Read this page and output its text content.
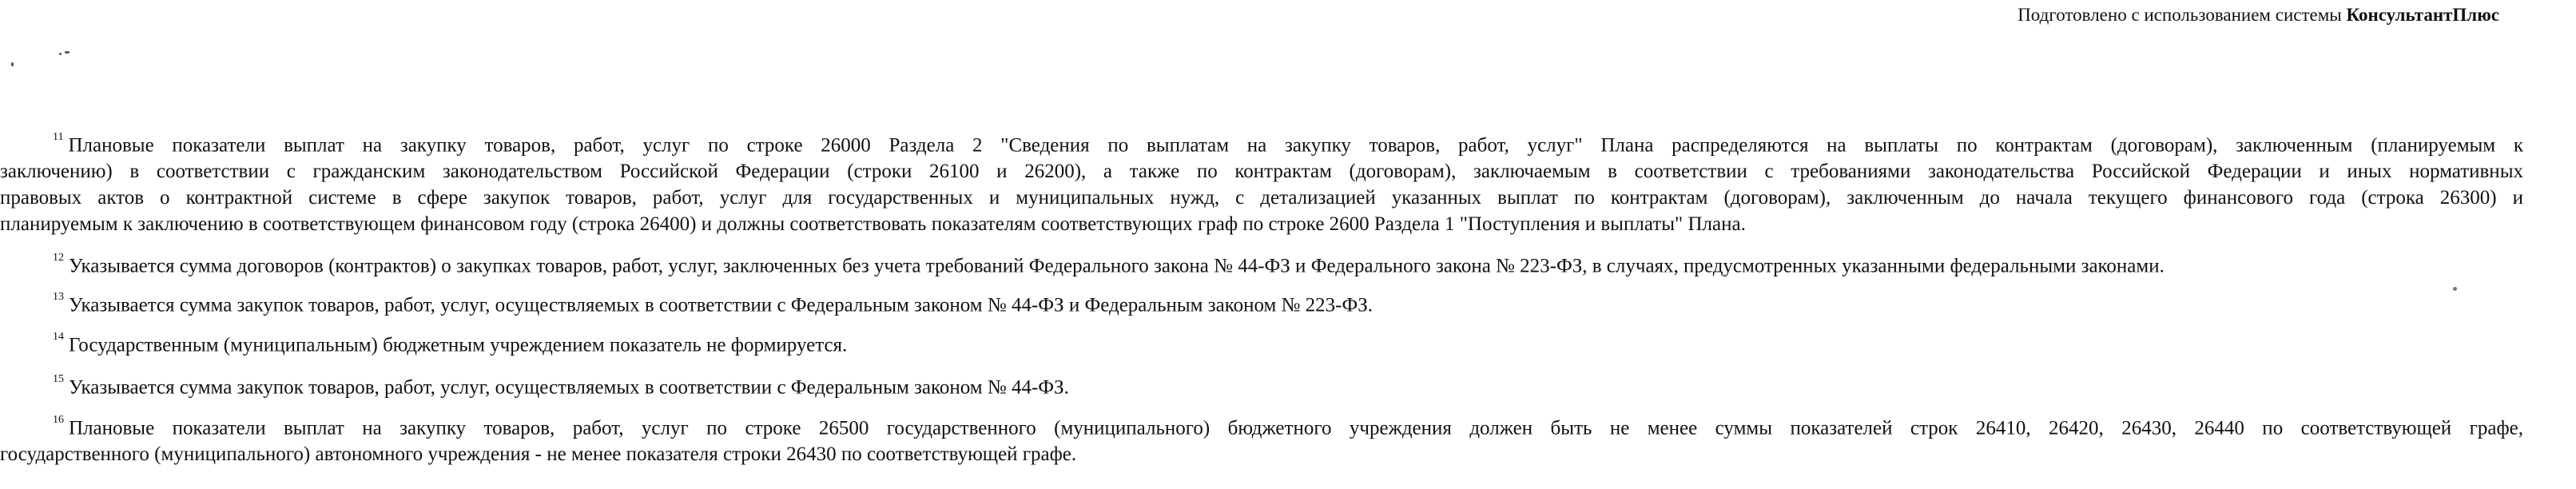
Подготовлено с использованием системы КонсультантПлюс
$^{11}$ Плановые показатели выплат на закупку товаров, работ, услуг по строке 26000 Раздела 2 "Сведения по выплатам на закупку товаров, работ, услуг" Плана распределяются на выплаты по контрактам (договорам), заключенным (планируемым к
заключению) в соответствии с гражданским законодательством Российской Федерации (строки 26100 и 26200), а также по контрактам (договорам), заключаемым в соответствии с требованиями законодательства Российской Федерации и иных нормативных
правовых актов о контрактной системе в сфере закупок товаров, работ, услуг для государственных и муниципальных нужд, с детализацией указанных выплат по контрактам (договорам), заключенным до начала текущего финансового года (строка 26300) и
планируемым к заключению в соответствующем финансовом году (строка 26400) и должны соответствовать показателям соответствующих граф по строке 2600 Раздела 1 "Поступления и выплаты" Плана.
$^{12}$ Указывается сумма договоров (контрактов) о закупках товаров, работ, услуг, заключенных без учета требований Федерального закона № 44-ФЗ и Федерального закона № 223-ФЗ, в случаях, предусмотренных указанными федеральными законами.
$^{13}$ Указывается сумма закупок товаров, работ, услуг, осуществляемых в соответствии с Федеральным законом № 44-ФЗ и Федеральным законом № 223-ФЗ.
$^{14}$ Государственным (муниципальным) бюджетным учреждением показатель не формируется.
$^{15}$ Указывается сумма закупок товаров, работ, услуг, осуществляемых в соответствии с Федеральным законом № 44-ФЗ.
$^{16}$ Плановые показатели выплат на закупку товаров, работ, услуг по строке 26500 государственного (муниципального) бюджетного учреждения должен быть не менее суммы показателей строк 26410, 26420, 26430, 26440 по соответствующей графе,
государственного (муниципального) автономного учреждения - не менее показателя строки 26430 по соответствующей графе.
